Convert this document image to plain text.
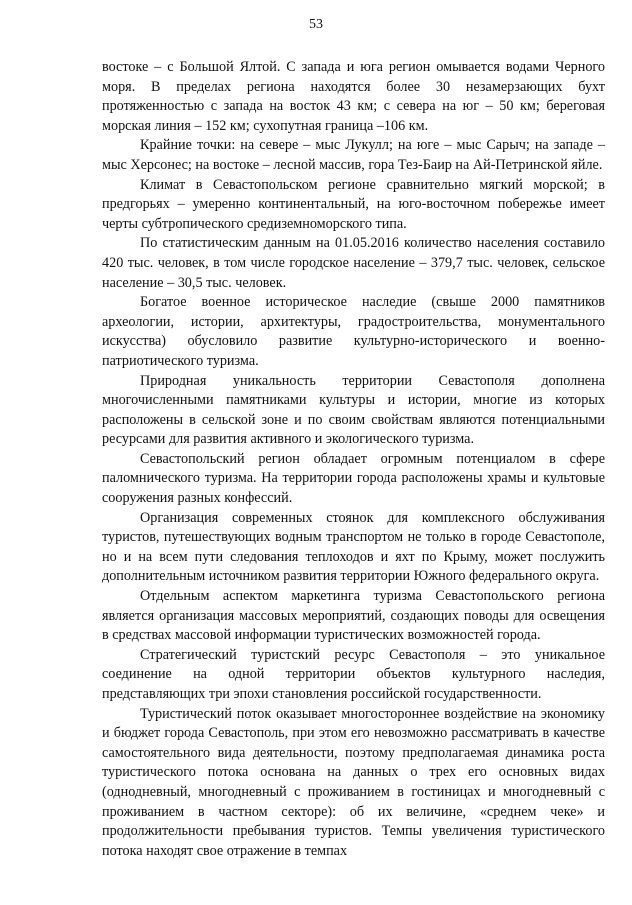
53

востоке – с Большой Ялтой. С запада и юга регион омывается водами Черного моря. В пределах региона находятся более 30 незамерзающих бухт протяженностью с запада на восток 43 км; с севера на юг – 50 км; береговая морская линия – 152 км; сухопутная граница –106 км.

Крайние точки: на севере – мыс Лукулл; на юге – мыс Сарыч; на западе – мыс Херсонес; на востоке – лесной массив, гора Тез-Баир на Ай-Петринской яйле.

Климат в Севастопольском регионе сравнительно мягкий морской; в предгорьях – умеренно континентальный, на юго-восточном побережье имеет черты субтропического средиземноморского типа.

По статистическим данным на 01.05.2016 количество населения составило 420 тыс. человек, в том числе городское население – 379,7 тыс. человек, сельское население – 30,5 тыс. человек.

Богатое военное историческое наследие (свыше 2000 памятников археологии, истории, архитектуры, градостроительства, монументального искусства) обусловило развитие культурно-исторического и военно-патриотического туризма.

Природная уникальность территории Севастополя дополнена многочисленными памятниками культуры и истории, многие из которых расположены в сельской зоне и по своим свойствам являются потенциальными ресурсами для развития активного и экологического туризма.

Севастопольский регион обладает огромным потенциалом в сфере паломнического туризма. На территории города расположены храмы и культовые сооружения разных конфессий.

Организация современных стоянок для комплексного обслуживания туристов, путешествующих водным транспортом не только в городе Севастополе, но и на всем пути следования теплоходов и яхт по Крыму, может послужить дополнительным источником развития территории Южного федерального округа.

Отдельным аспектом маркетинга туризма Севастопольского региона является организация массовых мероприятий, создающих поводы для освещения в средствах массовой информации туристических возможностей города.

Стратегический туристский ресурс Севастополя – это уникальное соединение на одной территории объектов культурного наследия, представляющих три эпохи становления российской государственности.

Туристический поток оказывает многостороннее воздействие на экономику и бюджет города Севастополь, при этом его невозможно рассматривать в качестве самостоятельного вида деятельности, поэтому предполагаемая динамика роста туристического потока основана на данных о трех его основных видах (однодневный, многодневный с проживанием в гостиницах и многодневный с проживанием в частном секторе): об их величине, «среднем чеке» и продолжительности пребывания туристов. Темпы увеличения туристического потока находят свое отражение в темпах
